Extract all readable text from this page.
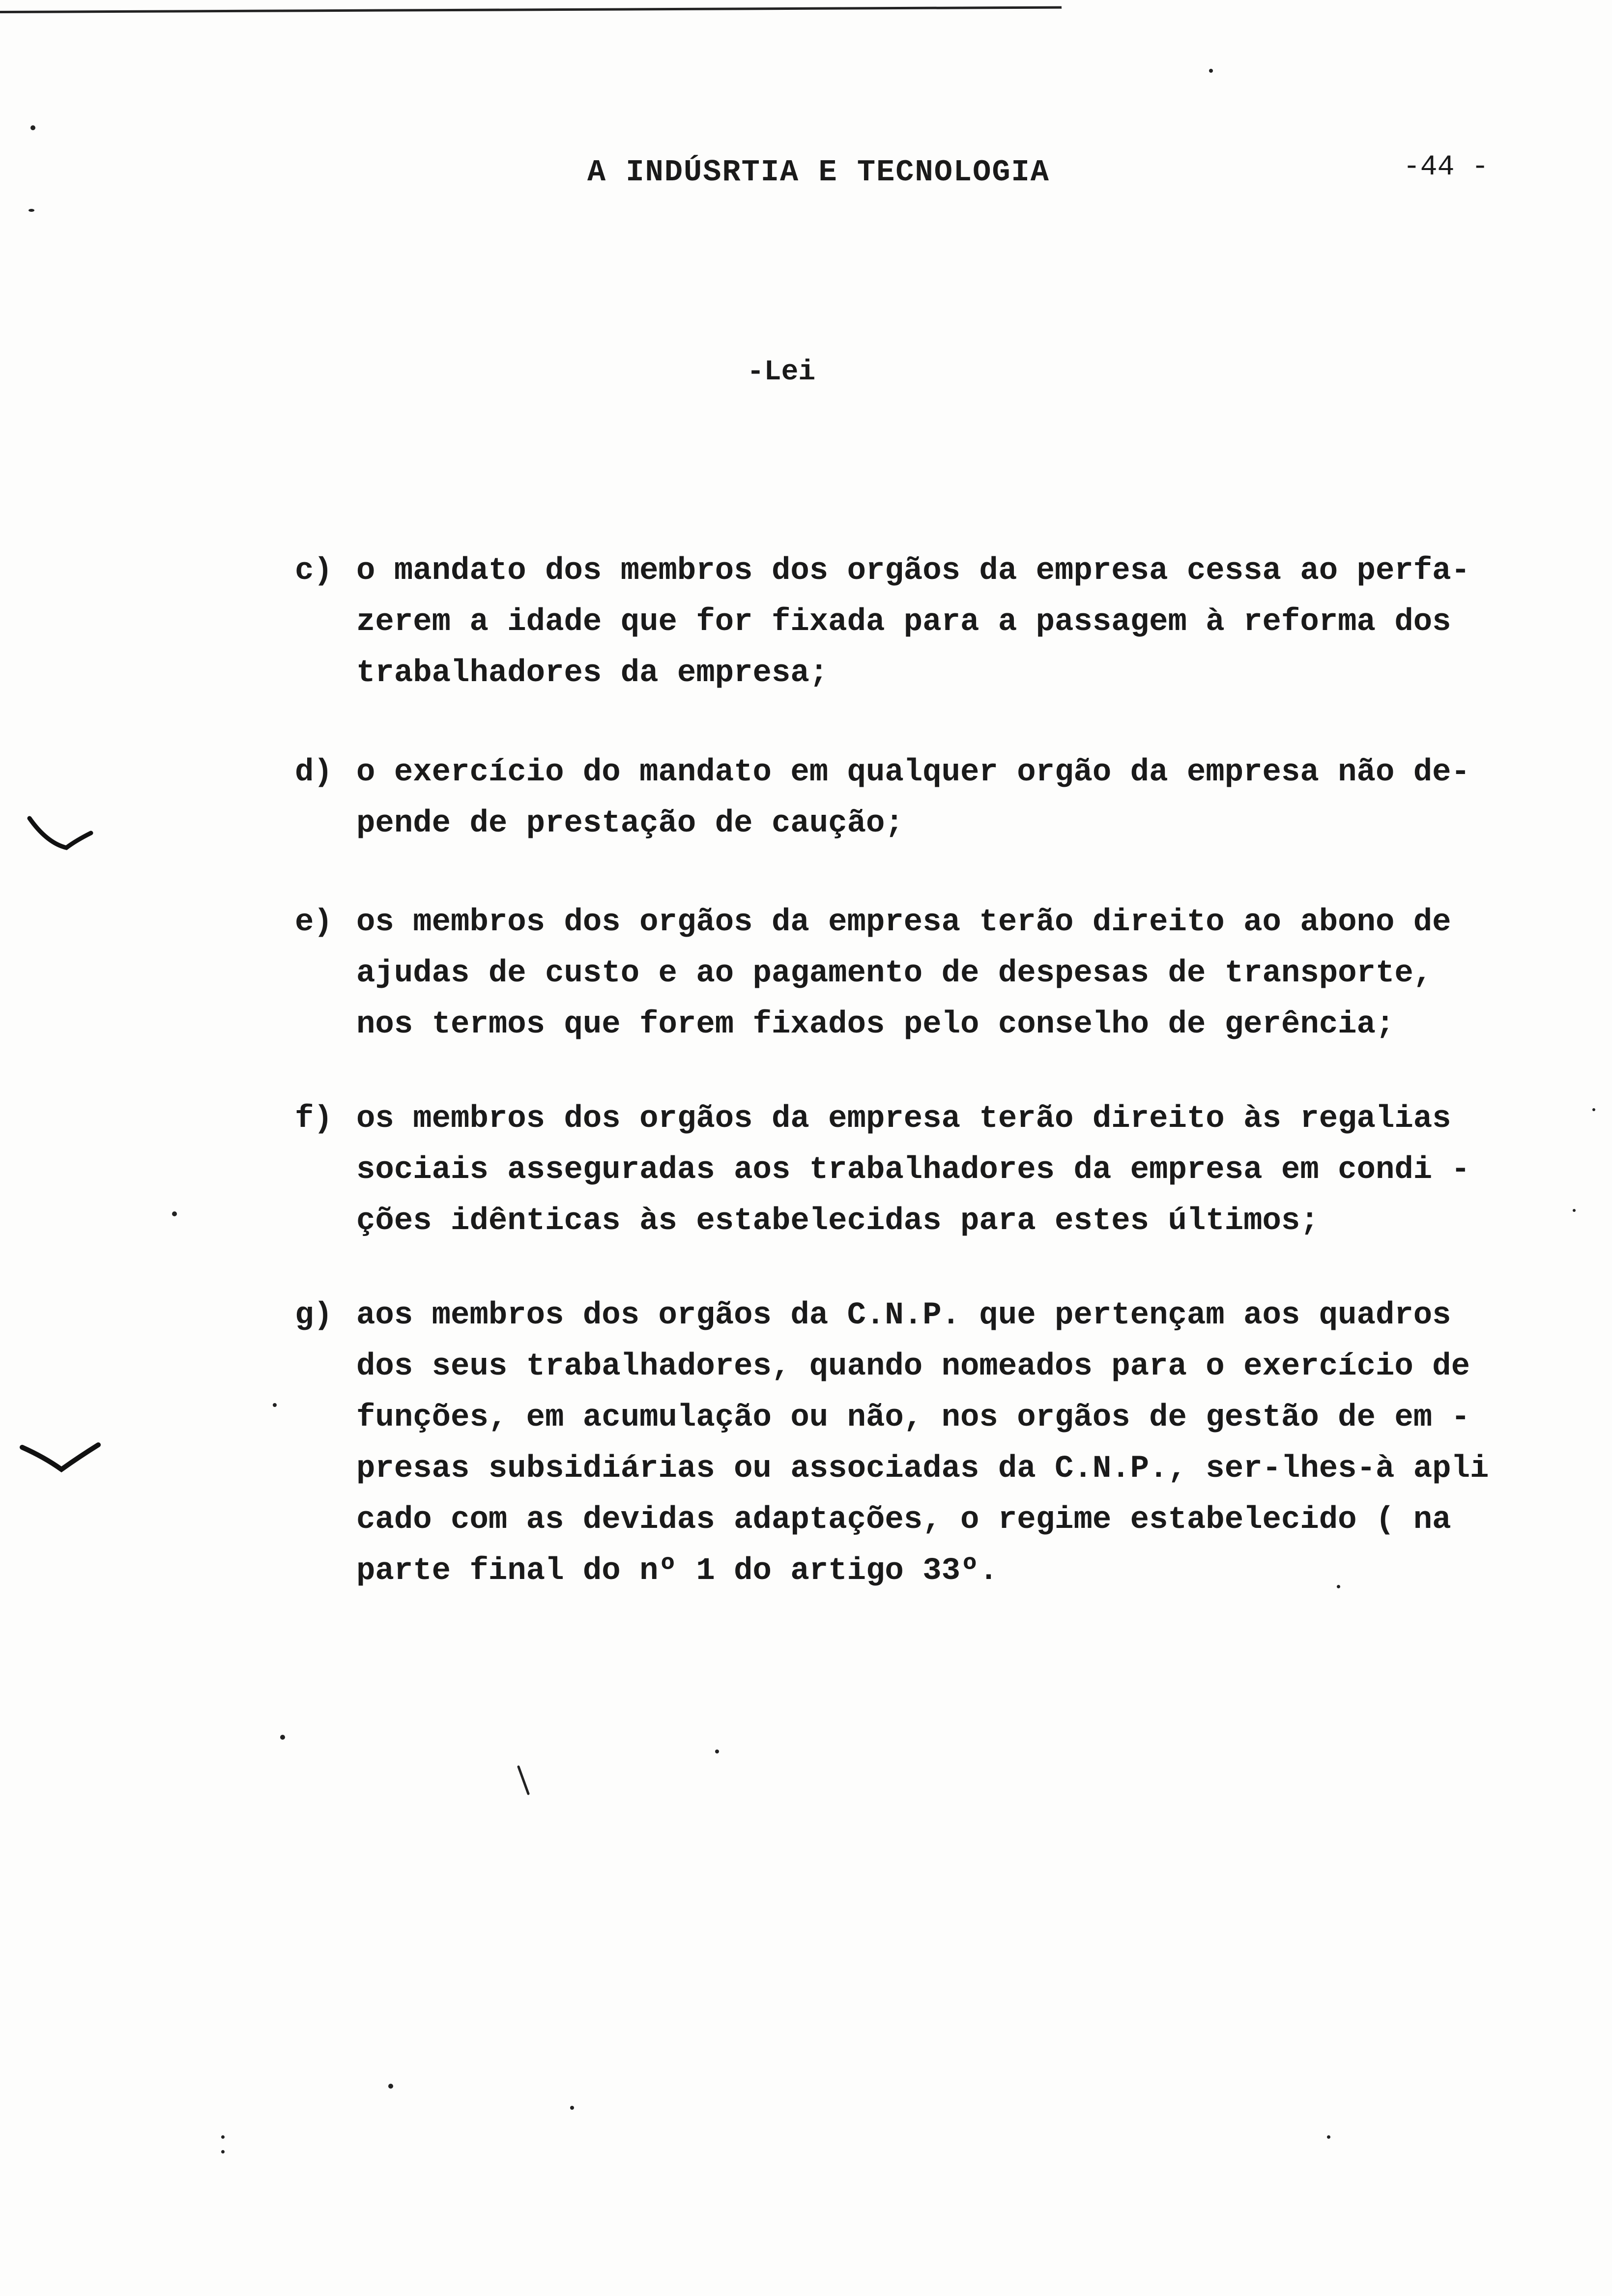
A INDÚSRTIA E TECNOLOGIA	-44 -
-Lei
c) o mandato dos membros dos orgãos da empresa cessa ao perfa-
zerem a idade que for fixada para a passagem à reforma dos
trabalhadores da empresa;
d) o exercício do mandato em qualquer orgão da empresa não de-
pende de prestação de caução;
e) os membros dos orgãos da empresa terão direito ao abono de
ajudas de custo e ao pagamento de despesas de transporte,
nos termos que forem fixados pelo conselho de gerência;
f) os membros dos orgãos da empresa terão direito às regalias
sociais asseguradas aos trabalhadores da empresa em condi -
ções idênticas às estabelecidas para estes últimos;
g) aos membros dos orgãos da C.N.P. que pertençam aos quadros
dos seus trabalhadores, quando nomeados para o exercício de
funções, em acumulação ou não, nos orgãos de gestão de em -
presas subsidiárias ou associadas da C.N.P., ser-lhes-à apli
cado com as devidas adaptações, o regime estabelecido ( na
parte final do nº 1 do artigo 33º.
